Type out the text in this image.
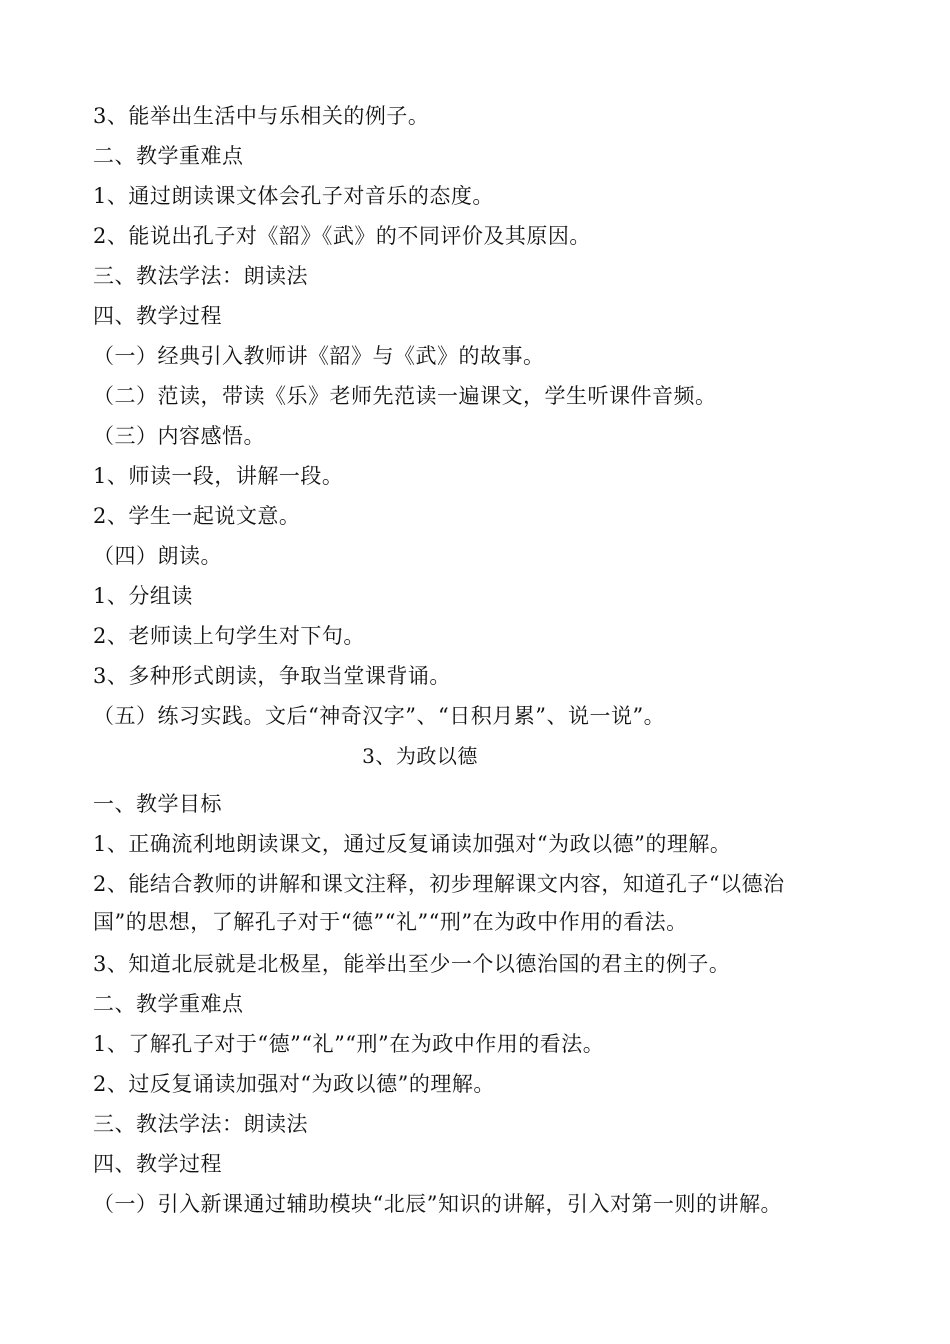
3、能举出生活中与乐相关的例子。
二、教学重难点
1、通过朗读课文体会孔子对音乐的态度。
2、能说出孔子对《韶》《武》的不同评价及其原因。
三、教法学法：朗读法
四、教学过程
（一）经典引入教师讲《韶》与《武》的故事。
（二）范读，带读《乐》老师先范读一遍课文，学生听课件音频。
（三）内容感悟。
1、师读一段，讲解一段。
2、学生一起说文意。
（四）朗读。
1、分组读
2、老师读上句学生对下句。
3、多种形式朗读，争取当堂课背诵。
（五）练习实践。文后“神奇汉字”、“日积月累”、说一说”。
3、为政以德
一、教学目标
1、正确流利地朗读课文，通过反复诵读加强对“为政以德”的理解。
2、能结合教师的讲解和课文注释，初步理解课文内容，知道孔子“以德治
国”的思想，了解孔子对于“德”“礼”“刑”在为政中作用的看法。
3、知道北辰就是北极星，能举出至少一个以德治国的君主的例子。
二、教学重难点
1、了解孔子对于“德”“礼”“刑”在为政中作用的看法。
2、过反复诵读加强对“为政以德”的理解。
三、教法学法：朗读法
四、教学过程
（一）引入新课通过辅助模块“北辰”知识的讲解，引入对第一则的讲解。
